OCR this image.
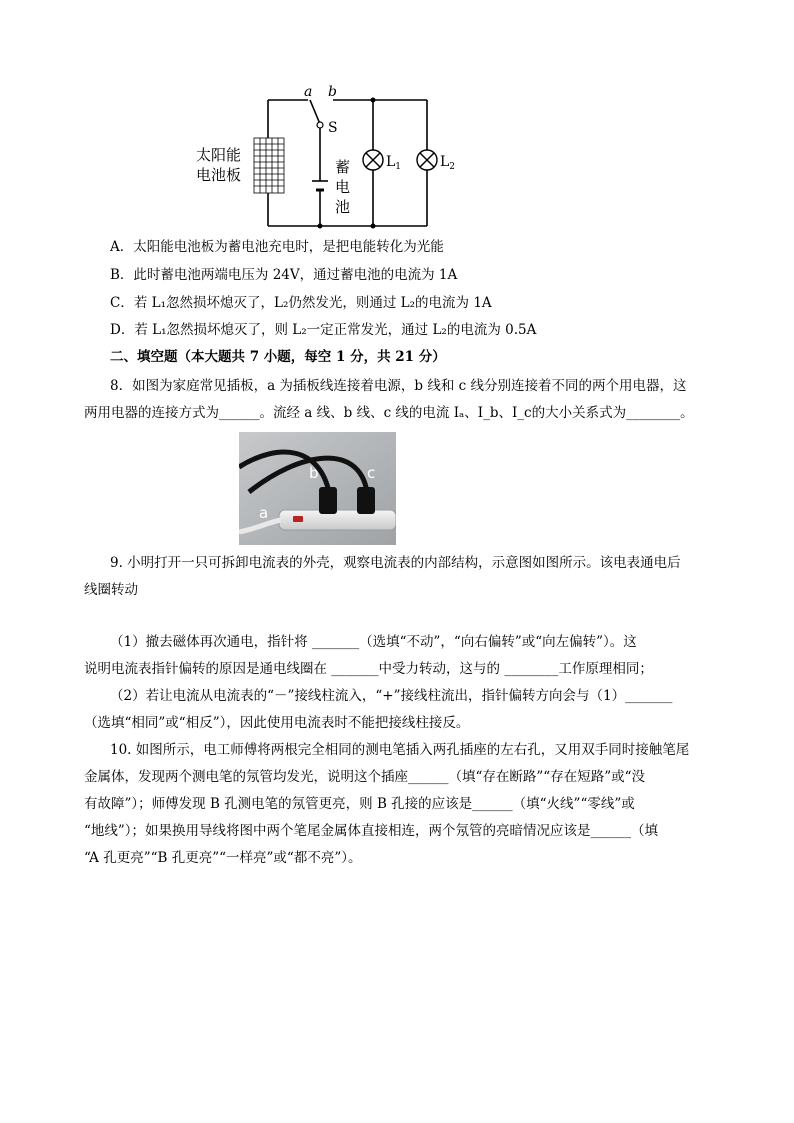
a b
S
太阳能
电池板	蓄
电
池
$L_1$	$L_2$
A．太阳能电池板为蓄电池充电时，是把电能转化为光能
B．此时蓄电池两端电压为 24V，通过蓄电池的电流为 1A
C．若 L₁忽然损坏熄灭了，L₂仍然发光，则通过 L₂的电流为 1A
D．若 L₁忽然损坏熄灭了，则 L₂一定正常发光，通过 L₂的电流为 0.5A
二、填空题（本大题共 7 小题，每空 1 分，共 21 分）
8．如图为家庭常见插板，a 为插板线连接着电源，b 线和 c 线分别连接着不同的两个用电器，这
两用电器的连接方式为______。流经 a 线、b 线、c 线的电流 Iₐ、I_b、I_c的大小关系式为________。
b	c
a
9. 小明打开一只可拆卸电流表的外壳，观察电流表的内部结构，示意图如图所示。该电表通电后
线圈转动
（1）撤去磁体再次通电，指针将 _______（选填“不动”，“向右偏转”或“向左偏转”）。这
说明电流表指针偏转的原因是通电线圈在 _______中受力转动，这与的 ________工作原理相同；
（2）若让电流从电流表的“－”接线柱流入，“+”接线柱流出，指针偏转方向会与（1）_______
（选填“相同”或“相反”），因此使用电流表时不能把接线柱接反。
10. 如图所示，电工师傅将两根完全相同的测电笔插入两孔插座的左右孔，又用双手同时接触笔尾
金属体，发现两个测电笔的氖管均发光，说明这个插座______（填“存在断路”“存在短路”或“没
有故障”）；师傅发现 B 孔测电笔的氖管更亮，则 B 孔接的应该是______（填“火线”“零线”或
“地线”）；如果换用导线将图中两个笔尾金属体直接相连，两个氖管的亮暗情况应该是______（填
“A 孔更亮”“B 孔更亮”“一样亮”或“都不亮”）。
